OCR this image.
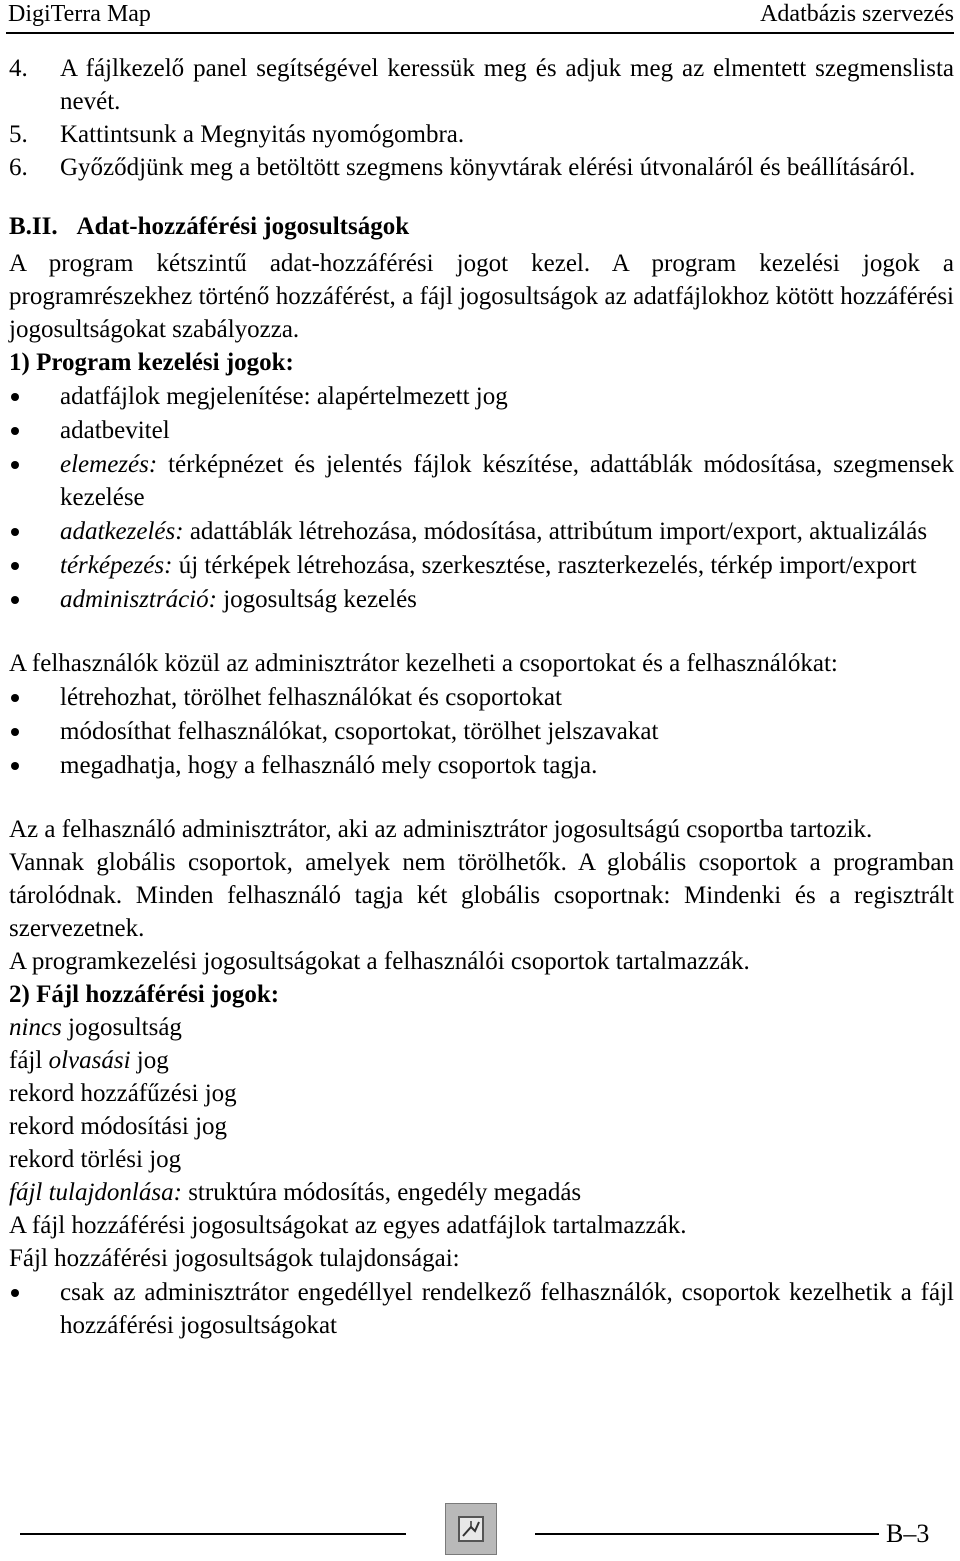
DigiTerra Map	Adatbázis szervezés
4.	A fájlkezelő panel segítségével keressük meg és adjuk meg az elmentett szegmenslista nevét.
5.	Kattintsunk a Megnyitás nyomógombra.
6.	Győződjünk meg a betöltött szegmens könyvtárak elérési útvonaláról és beállításáról.
B.II. Adat-hozzáférési jogosultságok
A program kétszintű adat-hozzáférési jogot kezel. A program kezelési jogok a programrészekhez történő hozzáférést, a fájl jogosultságok az adatfájlokhoz kötött hozzáférési jogosultságokat szabályozza.
1) Program kezelési jogok:
adatfájlok megjelenítése: alapértelmezett jog
adatbevitel
elemezés: térképnézet és jelentés fájlok készítése, adattáblák módosítása, szegmensek kezelése
adatkezelés: adattáblák létrehozása, módosítása, attribútum import/export, aktualizálás
térképezés: új térképek létrehozása, szerkesztése, raszterkezelés, térkép import/export
adminisztráció: jogosultság kezelés
A felhasználók közül az adminisztrátor kezelheti a csoportokat és a felhasználókat:
létrehozhat, törölhet felhasználókat és csoportokat
módosíthat felhasználókat, csoportokat, törölhet jelszavakat
megadhatja, hogy a felhasználó mely csoportok tagja.
Az a felhasználó adminisztrátor, aki az adminisztrátor jogosultságú csoportba tartozik.
Vannak globális csoportok, amelyek nem törölhetők. A globális csoportok a programban tárolódnak. Minden felhasználó tagja két globális csoportnak: Mindenki és a regisztrált szervezetnek.
A programkezelési jogosultságokat a felhasználói csoportok tartalmazzák.
2) Fájl hozzáférési jogok:
nincs jogosultság
fájl olvasási jog
rekord hozzáfűzési jog
rekord módosítási jog
rekord törlési jog
fájl tulajdonlása: struktúra módosítás, engedély megadás
A fájl hozzáférési jogosultságokat az egyes adatfájlok tartalmazzák.
Fájl hozzáférési jogosultságok tulajdonságai:
csak az adminisztrátor engedéllyel rendelkező felhasználók, csoportok kezelhetik a fájl hozzáférési jogosultságokat
B–3
